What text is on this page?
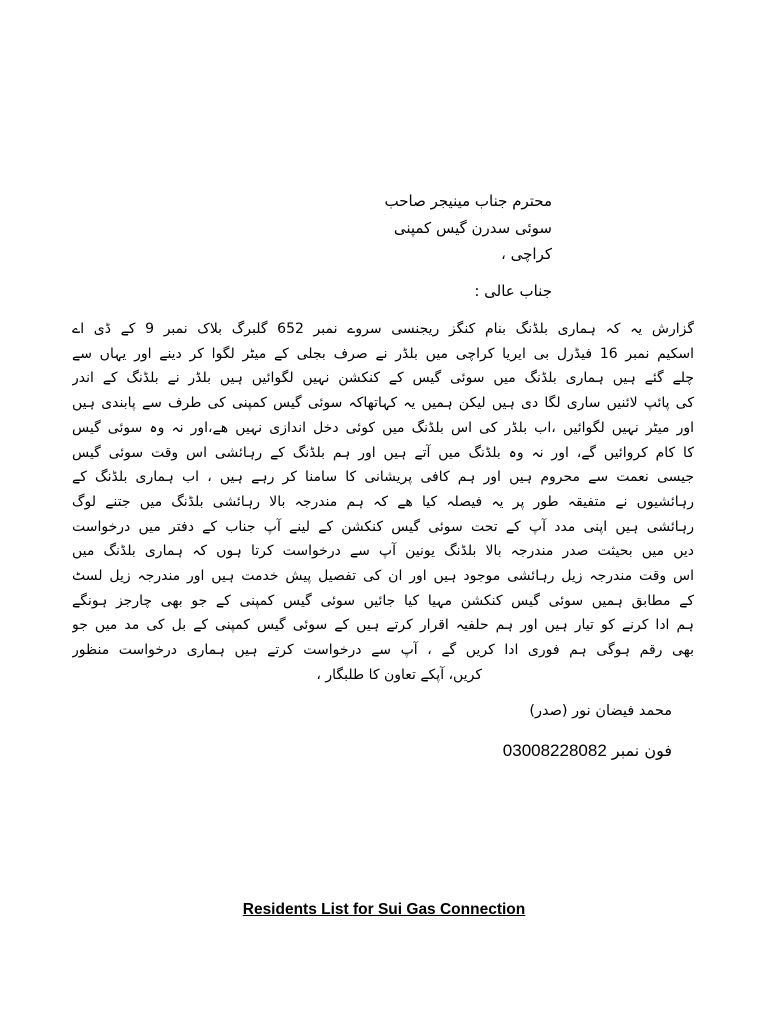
محترم جناب مینیجر صاحب
سوئی سدرن گیس کمپنی
کراچی ،
جناب عالی :
گزارش یہ کہ ہماری بلڈنگ بنام کنگز ریجنسی سروے نمبر 652 گلبرگ بلاک نمبر 9 کے ڈی اے
اسکیم نمبر 16 فیڈرل بی ایریا کراچی میں بلڈر نے صرف بجلی کے میٹر لگوا کر دینے اور یہاں سے
چلے گئے ہیں ہماری بلڈنگ میں سوئی گیس کے کنکشن نہیں لگوائیں ہیں بلڈر نے بلڈنگ کے اندر
کی پائپ لائنیں ساری لگا دی ہیں لیکن ہمیں یہ کہاتھاکہ سوئی گیس کمپنی کی طرف سے پابندی ہیں
اور میٹر نہیں لگوائیں ،اب بلڈر کی اس بلڈنگ میں کوئی دخل اندازی نہیں ھے،اور نہ وہ سوئی گیس
کا کام کروائیں گے، اور نہ وہ بلڈنگ میں آتے ہیں اور ہم بلڈنگ کے رہائشی اس وقت سوئی گیس
جیسی نعمت سے محروم ہیں اور ہم کافی پریشانی کا سامنا کر رہے ہیں ، اب ہماری بلڈنگ کے
رہائشیوں نے متفیقہ طور پر یہ فیصلہ کیا ھے کہ ہم مندرجہ بالا رہائشی بلڈنگ میں جتنے لوگ
رہائشی ہیں اپنی مدد آپ کے تحت سوئی گیس کنکشن کے لینے آپ جناب کے دفتر میں درخواست
دیں میں بحیثت صدر مندرجہ بالا بلڈنگ یونین آپ سے درخواست کرتا ہوں کہ ہماری بلڈنگ میں
اس وقت مندرجہ زیل رہائشی موجود ہیں اور ان کی تفصیل پیش خدمت ہیں اور مندرجہ زیل لسٹ
کے مطابق ہمیں سوئی گیس کنکشن مہیا کیا جائیں سوئی گیس کمپنی کے جو بھی چارجز ہونگے
ہم ادا کرنے کو تیار ہیں اور ہم حلفیہ اقرار کرتے ہیں کے سوئی گیس کمپنی کے بل کی مد میں جو
بھی رقم ہوگی ہم فوری ادا کریں گے ، آپ سے درخواست کرتے ہیں ہماری درخواست منظور
کریں، آپکے تعاون کا طلبگار ،
محمد فیضان نور (صدر)
فون نمبر 03008228082
Residents List for Sui Gas Connection
